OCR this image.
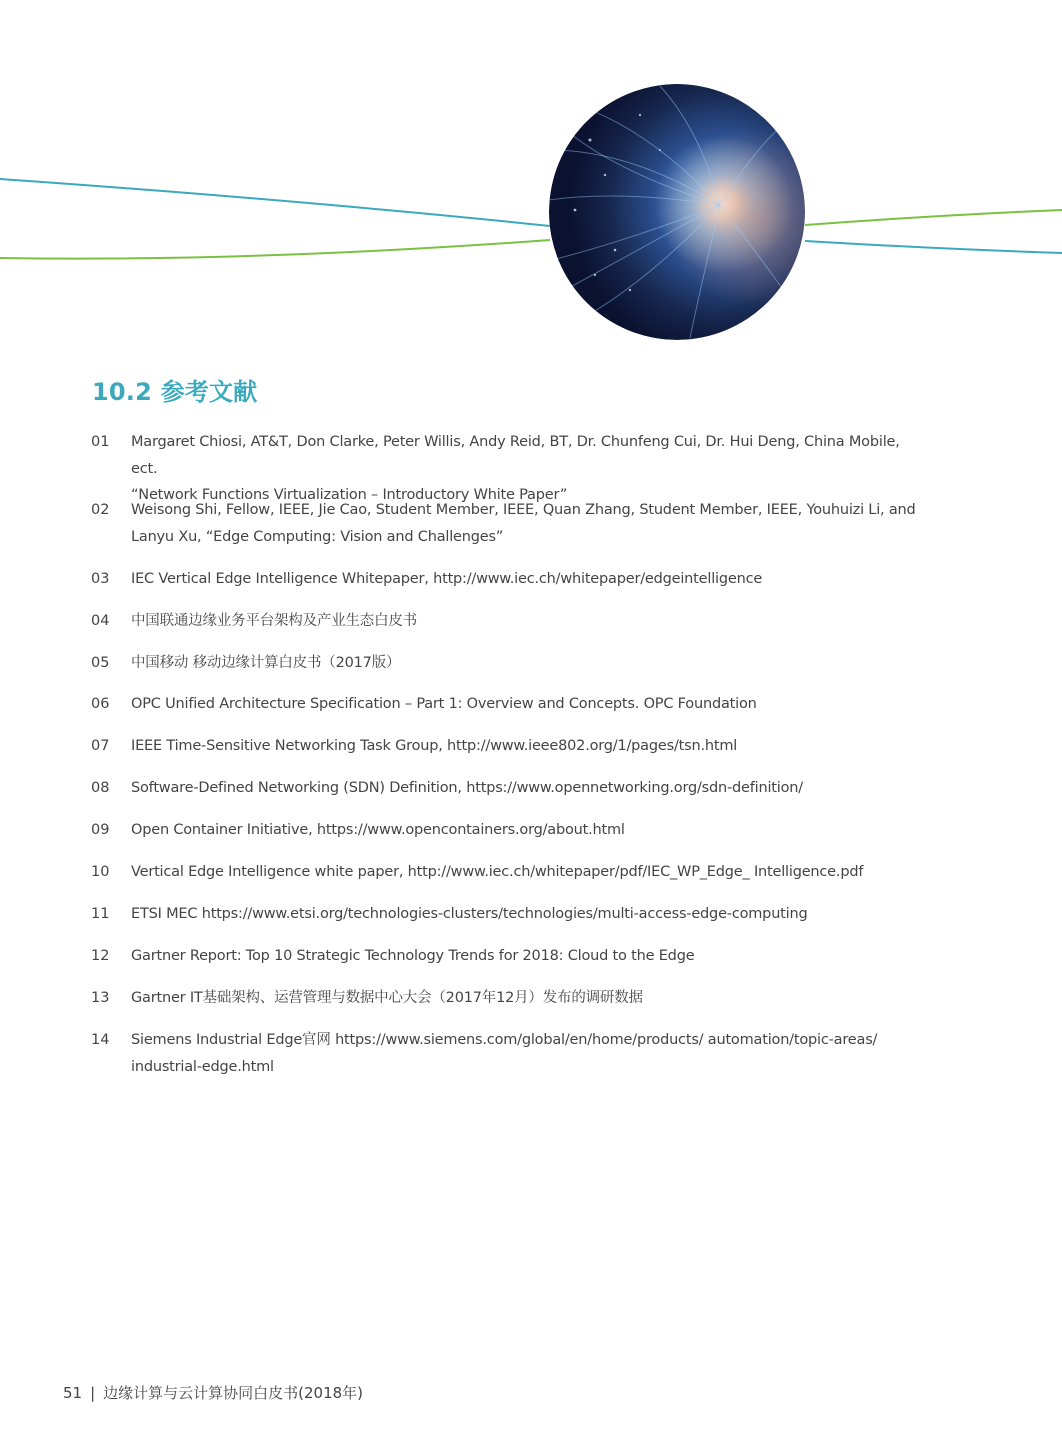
10.2 参考文献
01	Margaret Chiosi, AT&T, Don Clarke, Peter Willis, Andy Reid, BT, Dr. Chunfeng Cui, Dr. Hui Deng, China Mobile, ect.
“Network Functions Virtualization – Introductory White Paper”
02	Weisong Shi, Fellow, IEEE, Jie Cao, Student Member, IEEE, Quan Zhang, Student Member, IEEE, Youhuizi Li, and
Lanyu Xu, “Edge Computing: Vision and Challenges”
03	IEC Vertical Edge Intelligence Whitepaper, http://www.iec.ch/whitepaper/edgeintelligence
04	中国联通边缘业务平台架构及产业生态白皮书
05	中国移动 移动边缘计算白皮书（2017版）
06	OPC Unified Architecture Specification – Part 1: Overview and Concepts. OPC Foundation
07	IEEE Time-Sensitive Networking Task Group, http://www.ieee802.org/1/pages/tsn.html
08	Software-Defined Networking (SDN) Definition, https://www.opennetworking.org/sdn-definition/
09	Open Container Initiative, https://www.opencontainers.org/about.html
10	Vertical Edge Intelligence white paper, http://www.iec.ch/whitepaper/pdf/IEC_WP_Edge_ Intelligence.pdf
11	ETSI MEC https://www.etsi.org/technologies-clusters/technologies/multi-access-edge-computing
12	Gartner Report: Top 10 Strategic Technology Trends for 2018: Cloud to the Edge
13	Gartner IT基础架构、运营管理与数据中心大会（2017年12月）发布的调研数据
14	Siemens Industrial Edge官网 https://www.siemens.com/global/en/home/products/ automation/topic-areas/
industrial-edge.html
51 | 边缘计算与云计算协同白皮书(2018年)
